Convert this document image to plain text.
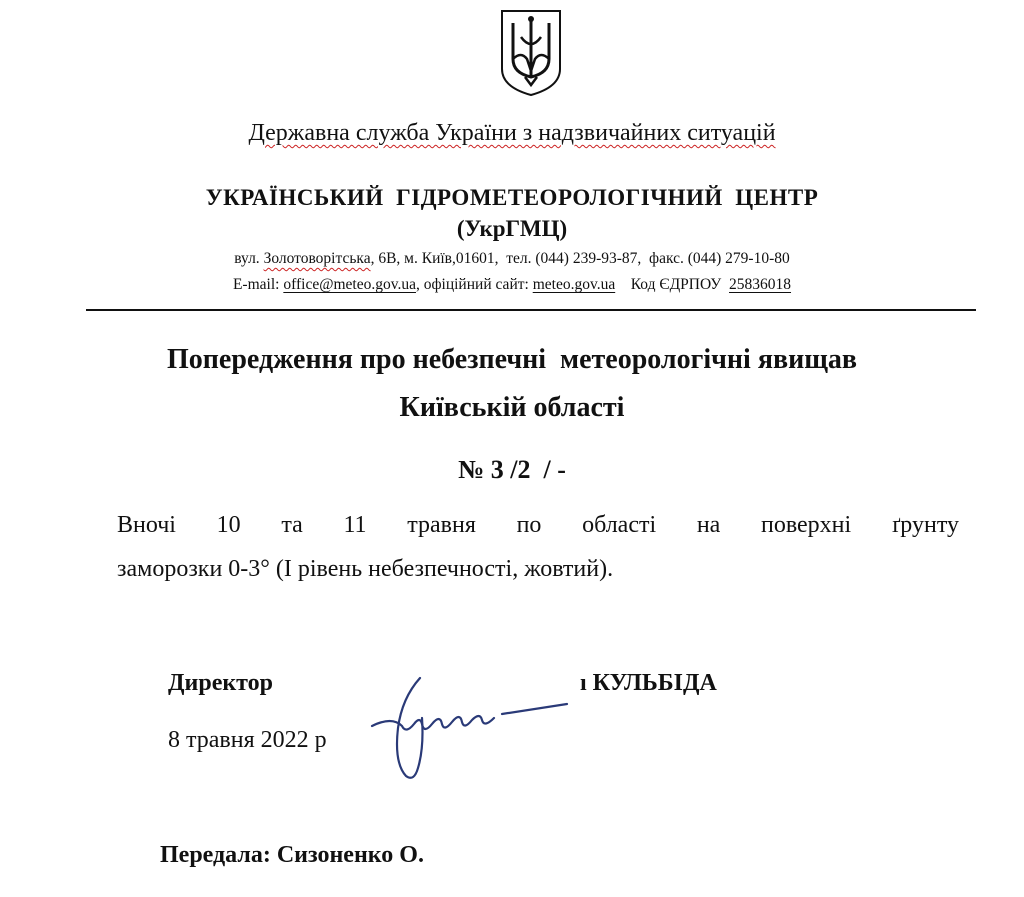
Державна служба України з надзвичайних ситуацій
УКРАЇНСЬКИЙ  ГІДРОМЕТЕОРОЛОГІЧНИЙ  ЦЕНТР
(УкрГМЦ)
вул. Золотоворітська, 6В, м. Київ,01601,  тел. (044) 239-93-87,  факс. (044) 279-10-80
E-mail: office@meteo.gov.ua, офіційний сайт: meteo.gov.ua    Код ЄДРПОУ  25836018
Попередження про небезпечні  метеорологічні явищав
Київській області
№ 3 /2  / -
Вночі 10 та 11 травня по області на поверхні ґрунту
заморозки 0-3° (І рівень небезпечності, жовтий).
Директор	ı КУЛЬБІДА
8 травня 2022 р
Передала: Сизоненко О.
